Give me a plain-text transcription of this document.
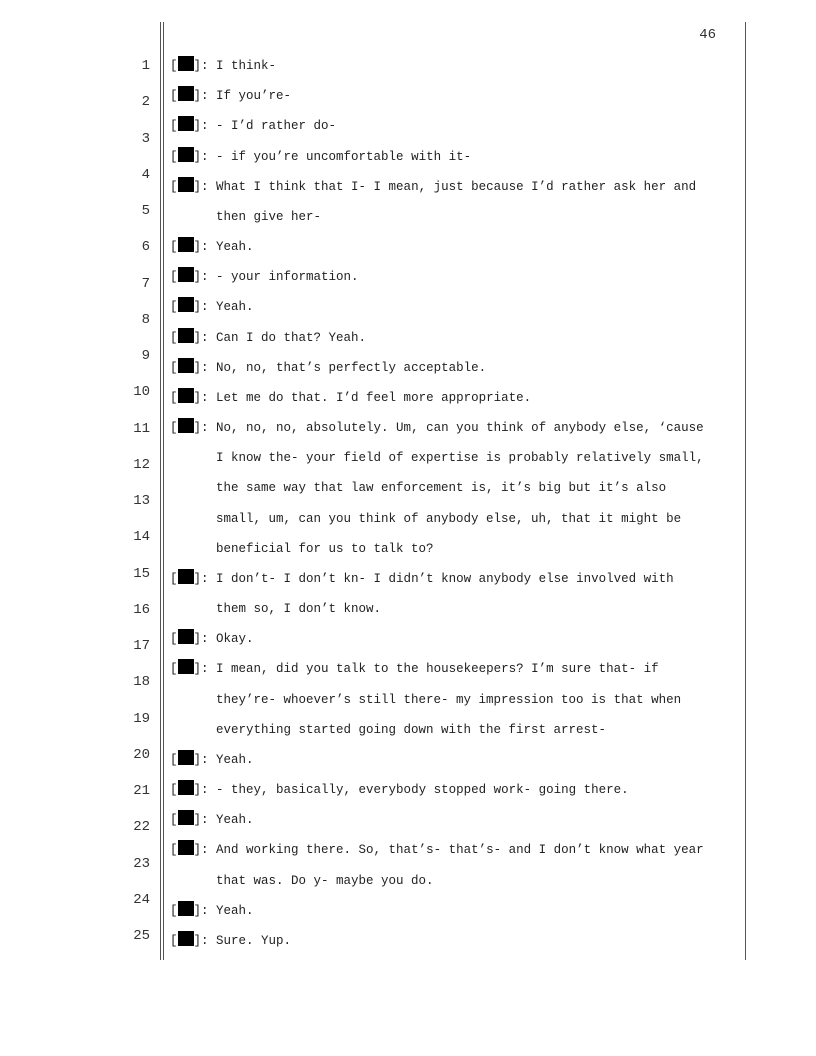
46
1
2
3
4
5
6
7
8
9
10
11
12
13
14
15
16
17
18
19
20
21
22
23
24
25
[ ]: I think-
[ ]: If you’re-
[ ]: - I’d rather do-
[ ]: - if you’re uncomfortable with it-
[ ]: What I think that I- I mean, just because I’d rather ask her and
then give her-
[ ]: Yeah.
[ ]: - your information.
[ ]: Yeah.
[ ]: Can I do that? Yeah.
[ ]: No, no, that’s perfectly acceptable.
[ ]: Let me do that. I’d feel more appropriate.
[ ]: No, no, no, absolutely. Um, can you think of anybody else, ‘cause
I know the- your field of expertise is probably relatively small,
the same way that law enforcement is, it’s big but it’s also
small, um, can you think of anybody else, uh, that it might be
beneficial for us to talk to?
[ ]: I don’t- I don’t kn- I didn’t know anybody else involved with
them so, I don’t know.
[ ]: Okay.
[ ]: I mean, did you talk to the housekeepers? I’m sure that- if
they’re- whoever’s still there- my impression too is that when
everything started going down with the first arrest-
[ ]: Yeah.
[ ]: - they, basically, everybody stopped work- going there.
[ ]: Yeah.
[ ]: And working there. So, that’s- that’s- and I don’t know what year
that was. Do y- maybe you do.
[ ]: Yeah.
[ ]: Sure. Yup.
